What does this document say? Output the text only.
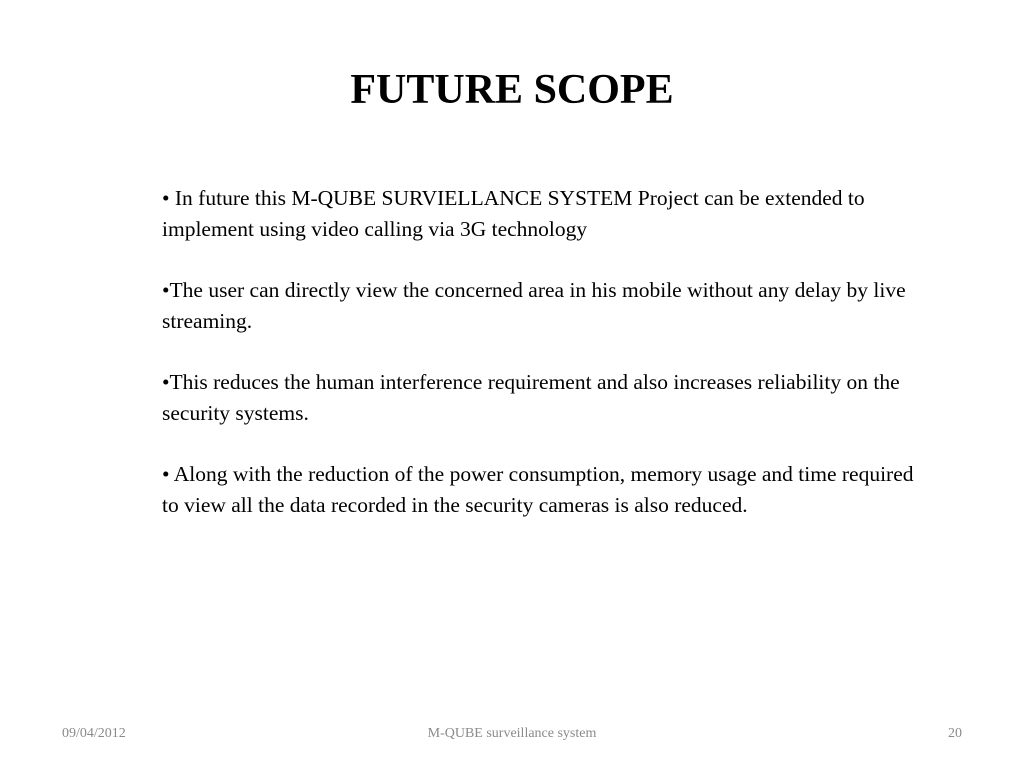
FUTURE SCOPE
• In future this M-QUBE SURVIELLANCE SYSTEM Project can be extended to implement using video calling via 3G technology
•The user can directly view the concerned area in his mobile without any delay by live streaming.
•This reduces the human interference requirement and also increases reliability on the security systems.
• Along with the reduction of the power consumption, memory usage and time required to view all the data recorded in the security cameras is also reduced.
09/04/2012	M-QUBE surveillance system	20
